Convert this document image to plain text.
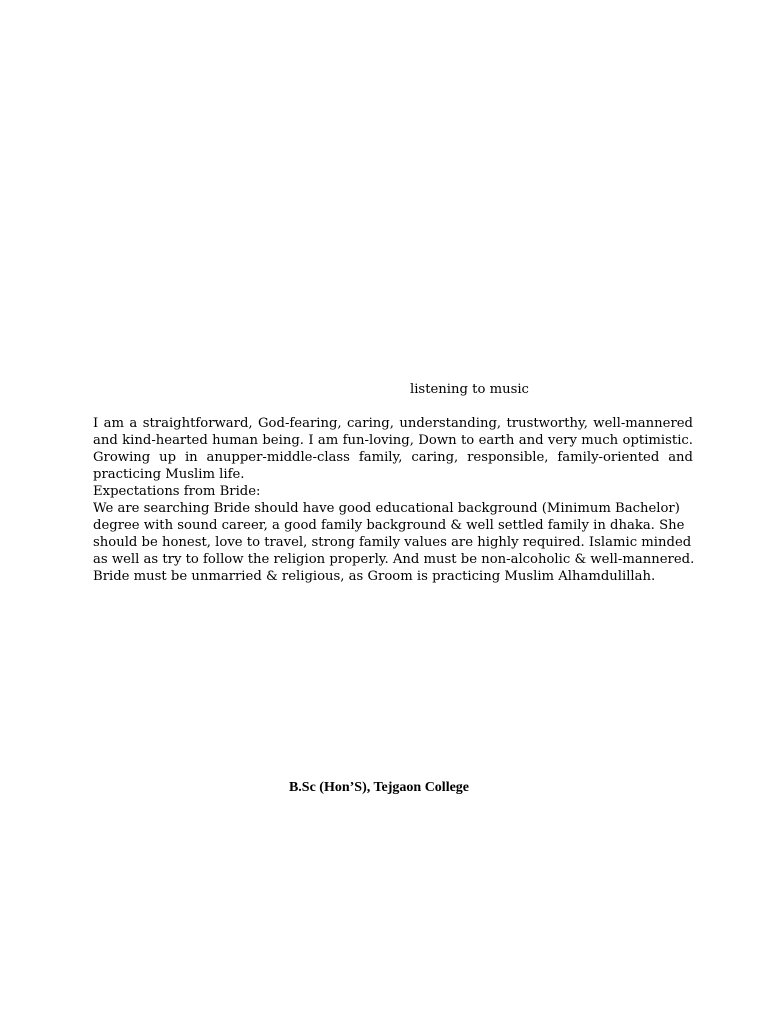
listening to music

I am a straightforward, God-fearing, caring, understanding, trustworthy, well-mannered and kind-hearted human being. I am fun-loving, Down to earth and very much optimistic. Growing up in anupper-middle-class family, caring, responsible, family-oriented and practicing Muslim life.

Expectations from Bride:

We are searching Bride should have good educational background (Minimum Bachelor)

degree with sound career, a good family background & well settled family in dhaka. She

should be honest, love to travel, strong family values are highly required. Islamic minded

as well as try to follow the religion properly. And must be non-alcoholic & well-mannered.

Bride must be unmarried & religious, as Groom is practicing Muslim Alhamdulillah.

B.Sc (Hon’S), Tejgaon College
